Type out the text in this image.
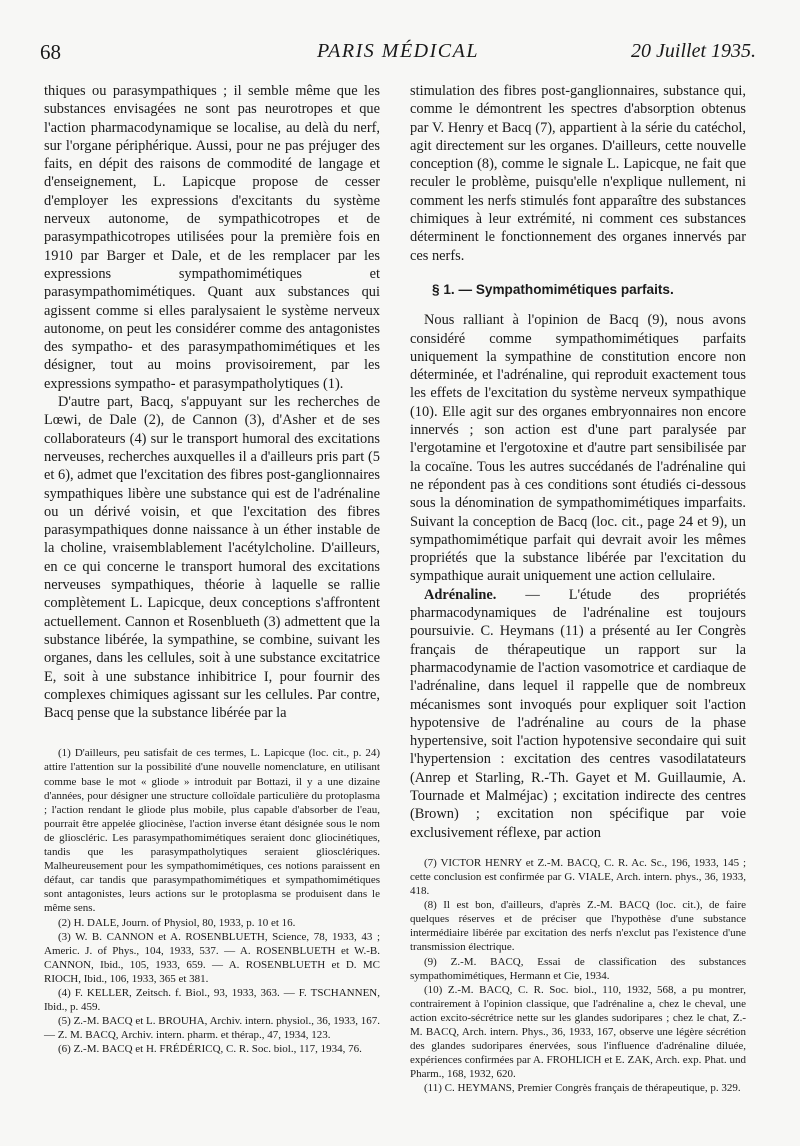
68	PARIS MÉDICAL	20 Juillet 1935.

thiques ou parasympathiques ; il semble même que les substances envisagées ne sont pas neurotropes et que l'action pharmacodynamique se localise, au delà du nerf, sur l'organe périphérique. Aussi, pour ne pas préjuger des faits, en dépit des raisons de commodité de langage et d'enseignement, L. Lapicque propose de cesser d'employer les expressions d'excitants du système nerveux autonome, de sympathicotropes et de parasympathicotropes utilisées pour la première fois en 1910 par Barger et Dale, et de les remplacer par les expressions sympathomimétiques et parasympathomimétiques. Quant aux substances qui agissent comme si elles paralysaient le système nerveux autonome, on peut les considérer comme des antagonistes des sympatho- et des parasympathomimétiques et les désigner, tout au moins provisoirement, par les expressions sympatho- et parasympatholytiques (1).

D'autre part, Bacq, s'appuyant sur les recherches de Lœwi, de Dale (2), de Cannon (3), d'Asher et de ses collaborateurs (4) sur le transport humoral des excitations nerveuses, recherches auxquelles il a d'ailleurs pris part (5 et 6), admet que l'excitation des fibres post-ganglionnaires sympathiques libère une substance qui est de l'adrénaline ou un dérivé voisin, et que l'excitation des fibres parasympathiques donne naissance à un éther instable de la choline, vraisemblablement l'acétylcholine. D'ailleurs, en ce qui concerne le transport humoral des excitations nerveuses sympathiques, théorie à laquelle se rallie complètement L. Lapicque, deux conceptions s'affrontent actuellement. Cannon et Rosenblueth (3) admettent que la substance libérée, la sympathine, se combine, suivant les organes, dans les cellules, soit à une substance excitatrice E, soit à une substance inhibitrice I, pour fournir des complexes chimiques agissant sur les cellules. Par contre, Bacq pense que la substance libérée par la

(1) D'ailleurs, peu satisfait de ces termes, L. Lapicque (loc. cit., p. 24) attire l'attention sur la possibilité d'une nouvelle nomenclature, en utilisant comme base le mot « gliode » introduit par Bottazi, il y a une dizaine d'années, pour désigner une structure colloïdale particulière du protoplasma ; l'action rendant le gliode plus mobile, plus capable d'absorber de l'eau, pourrait être appelée gliocinèse, l'action inverse étant désignée sous le nom de glioscléric. Les parasympathomimétiques seraient donc gliocinétiques, tandis que les parasympatholytiques seraient gliosclériques. Malheureusement pour les sympathomimétiques, ces notions paraissent en défaut, car tandis que parasympathomimétiques et sympathomimétiques sont antagonistes, leurs actions sur le protoplasma se produisent dans le même sens.

(2) H. DALE, Journ. of Physiol, 80, 1933, p. 10 et 16.

(3) W. B. CANNON et A. ROSENBLUETH, Science, 78, 1933, 43 ; Americ. J. of Phys., 104, 1933, 537. — A. ROSENBLUETH et W.-B. CANNON, Ibid., 105, 1933, 659. — A. ROSENBLUETH et D. MC RIOCH, Ibid., 106, 1933, 365 et 381.

(4) F. KELLER, Zeitsch. f. Biol., 93, 1933, 363. — F. TSCHANNEN, Ibid., p. 459.

(5) Z.-M. BACQ et L. BROUHA, Archiv. intern. physiol., 36, 1933, 167. — Z. M. BACQ, Archiv. intern. pharm. et thérap., 47, 1934, 123.

(6) Z.-M. BACQ et H. FRÉDÉRICQ, C. R. Soc. biol., 117, 1934, 76.

stimulation des fibres post-ganglionnaires, substance qui, comme le démontrent les spectres d'absorption obtenus par V. Henry et Bacq (7), appartient à la série du catéchol, agit directement sur les organes. D'ailleurs, cette nouvelle conception (8), comme le signale L. Lapicque, ne fait que reculer le problème, puisqu'elle n'explique nullement, ni comment les nerfs stimulés font apparaître des substances chimiques à leur extrémité, ni comment ces substances déterminent le fonctionnement des organes innervés par ces nerfs.

§ 1. — Sympathomimétiques parfaits.

Nous ralliant à l'opinion de Bacq (9), nous avons considéré comme sympathomimétiques parfaits uniquement la sympathine de constitution encore non déterminée, et l'adrénaline, qui reproduit exactement tous les effets de l'excitation du système nerveux sympathique (10). Elle agit sur des organes embryonnaires non encore innervés ; son action est d'une part paralysée par l'ergotamine et l'ergotoxine et d'autre part sensibilisée par la cocaïne. Tous les autres succédanés de l'adrénaline qui ne répondent pas à ces conditions sont étudiés ci-dessous sous la dénomination de sympathomimétiques imparfaits. Suivant la conception de Bacq (loc. cit., page 24 et 9), un sympathomimétique parfait qui devrait avoir les mêmes propriétés que la substance libérée par l'excitation du sympathique aurait uniquement une action cellulaire.

Adrénaline. — L'étude des propriétés pharmacodynamiques de l'adrénaline est toujours poursuivie. C. Heymans (11) a présenté au Ier Congrès français de thérapeutique un rapport sur la pharmacodynamie de l'action vasomotrice et cardiaque de l'adrénaline, dans lequel il rappelle que de nombreux mécanismes sont invoqués pour expliquer soit l'action hypotensive de l'adrénaline au cours de la phase hypertensive, soit l'action hypotensive secondaire qui suit l'hypertension : excitation des centres vasodilatateurs (Anrep et Starling, R.-Th. Gayet et M. Guillaumie, A. Tournade et Malméjac) ; excitation indirecte des centres (Brown) ; excitation non spécifique par voie exclusivement réflexe, par action

(7) VICTOR HENRY et Z.-M. BACQ, C. R. Ac. Sc., 196, 1933, 145 ; cette conclusion est confirmée par G. VIALE, Arch. intern. phys., 36, 1933, 418.

(8) Il est bon, d'ailleurs, d'après Z.-M. BACQ (loc. cit.), de faire quelques réserves et de préciser que l'hypothèse d'une substance intermédiaire libérée par excitation des nerfs n'exclut pas l'existence d'une transmission électrique.

(9) Z.-M. BACQ, Essai de classification des substances sympathomimétiques, Hermann et Cie, 1934.

(10) Z.-M. BACQ, C. R. Soc. biol., 110, 1932, 568, a pu montrer, contrairement à l'opinion classique, que l'adrénaline a, chez le cheval, une action excito-sécrétrice nette sur les glandes sudoripares ; chez le chat, Z.-M. BACQ, Arch. intern. Phys., 36, 1933, 167, observe une légère sécrétion des glandes sudoripares énervées, sous l'influence d'adrénaline diluée, expériences confirmées par A. FROHLICH et E. ZAK, Arch. exp. Phat. und Pharm., 168, 1932, 620.

(11) C. HEYMANS, Premier Congrès français de thérapeutique, p. 329.
